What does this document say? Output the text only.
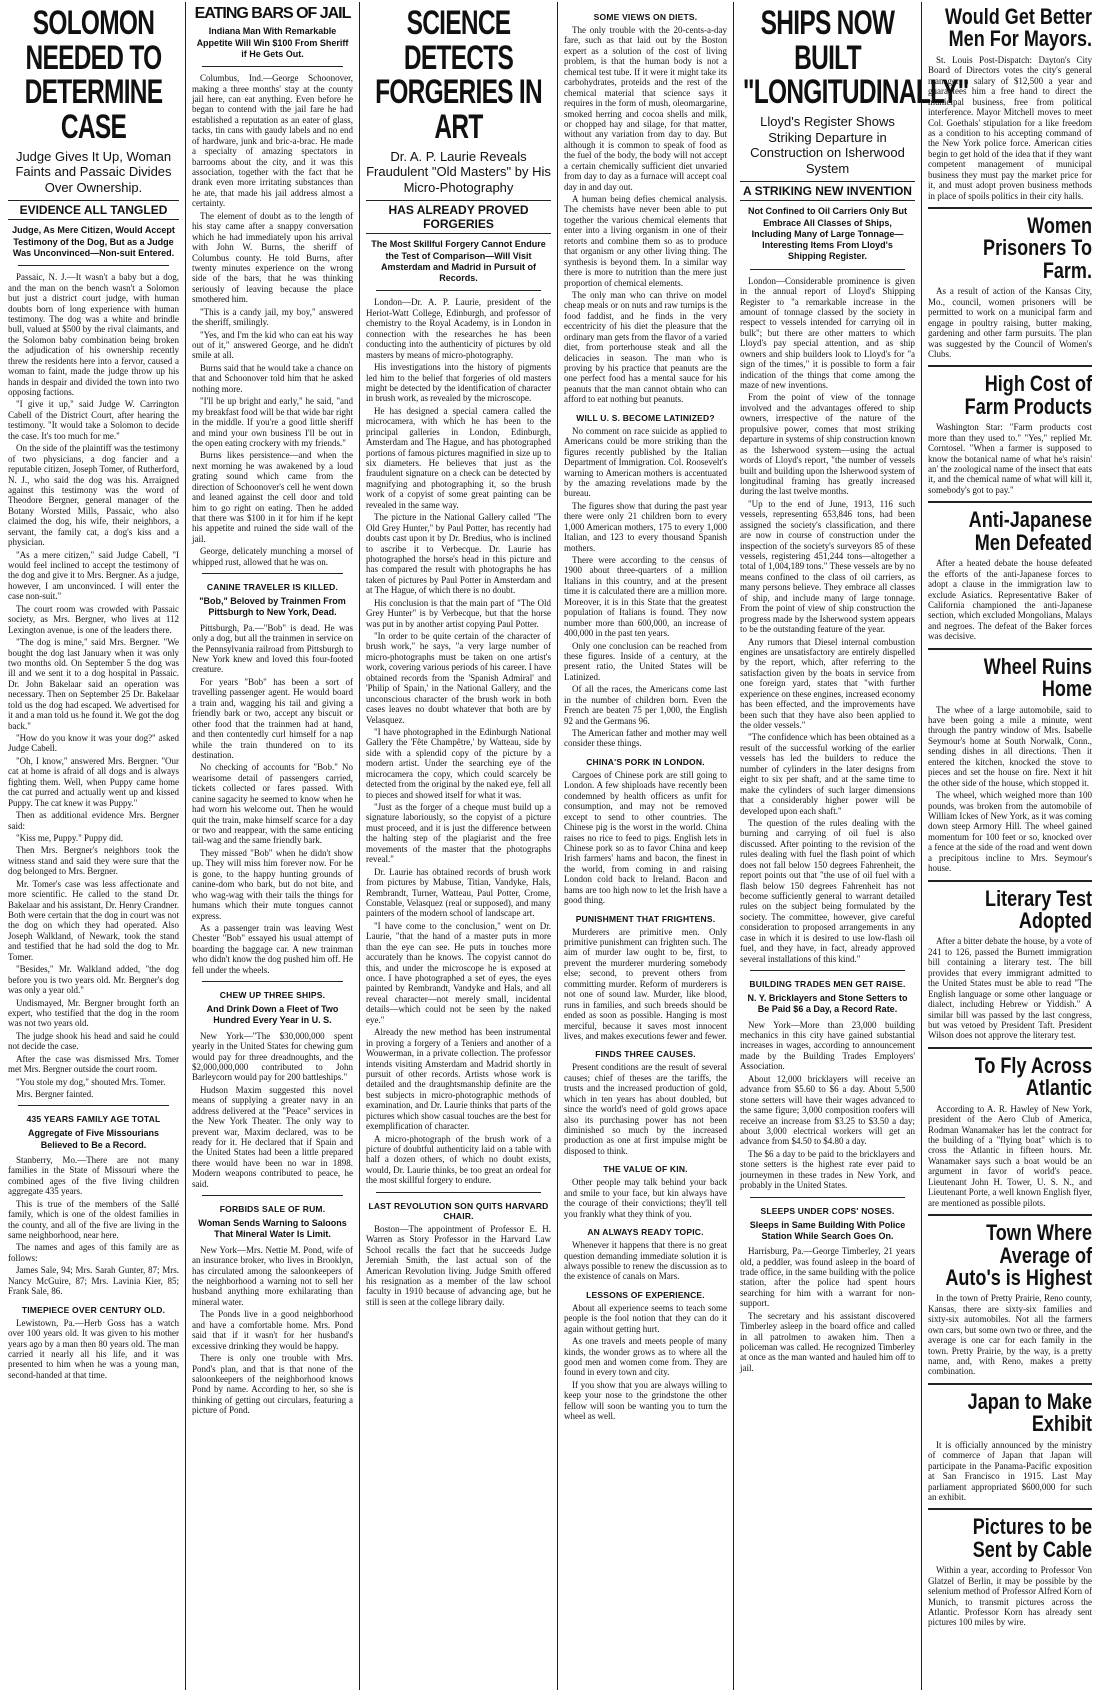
SOLOMON NEEDED TO DETERMINE CASE
Judge Gives It Up, Woman Faints and Passaic Divides Over Ownership.
EVIDENCE ALL TANGLED
Judge, As Mere Citizen, Would Accept Testimony of the Dog, But as a Judge Was Unconvinced—Non-suit Entered.

Passaic, N. J.—It wasn't a baby but a dog, and the man on the bench wasn't a Solomon but just a district court judge, with human doubts born of long experience with human testimony. The dog was a white and brindle bull, valued at $500 by the rival claimants, and the Solomon baby combination being broken the adjudication of his ownership recently threw the residents here into a fervor, caused a woman to faint, made the judge throw up his hands in despair and divided the town into two opposing factions.

"I give it up," said Judge W. Carrington Cabell of the District Court, after hearing the testimony. "It would take a Solomon to decide the case. It's too much for me."

On the side of the plaintiff was the testimony of two physicians, a dog fancier and a reputable citizen, Joseph Tomer, of Rutherford, N. J., who said the dog was his. Arraigned against this testimony was the word of Theodore Bergner, general manager of the Botany Worsted Mills, Passaic, who also claimed the dog, his wife, their neighbors, a servant, the family cat, a dog's kiss and a physician.

"As a mere citizen," said Judge Cabell, "I would feel inclined to accept the testimony of the dog and give it to Mrs. Bergner. As a judge, however, I am unconvinced. I will enter the case non-suit."

The court room was crowded with Passaic society, as Mrs. Bergner, who lives at 112 Lexington avenue, is one of the leaders there.

"The dog is mine," said Mrs. Bergner. "We bought the dog last January when it was only two months old. On September 5 the dog was ill and we sent it to a dog hospital in Passaic. Dr. John Bakelaar said an operation was necessary. Then on September 25 Dr. Bakelaar told us the dog had escaped. We advertised for it and a man told us he found it. We got the dog back."

"How do you know it was your dog?" asked Judge Cabell.

"Oh, I know," answered Mrs. Bergner. "Our cat at home is afraid of all dogs and is always fighting them. Well, when Puppy came home the cat purred and actually went up and kissed Puppy. The cat knew it was Puppy."

Then as additional evidence Mrs. Bergner said:

"Kiss me, Puppy." Puppy did.

Then Mrs. Bergner's neighbors took the witness stand and said they were sure that the dog belonged to Mrs. Bergner.

Mr. Tomer's case was less affectionate and more scientific. He called to the stand Dr. Bakelaar and his assistant, Dr. Henry Crandner. Both were certain that the dog in court was not the dog on which they had operated. Also Joseph Walkland, of Newark, took the stand and testified that he had sold the dog to Mr. Tomer.

"Besides," Mr. Walkland added, "the dog before you is two years old. Mr. Bergner's dog was only a year old."

Undismayed, Mr. Bergner brought forth an expert, who testified that the dog in the room was not two years old.

The judge shook his head and said he could not decide the case.

After the case was dismissed Mrs. Tomer met Mrs. Bergner outside the court room.

"You stole my dog," shouted Mrs. Tomer.

Mrs. Bergner fainted.

435 YEARS FAMILY AGE TOTAL
Aggregate of Five Missourians Believed to Be a Record.

Stanberry, Mo.—There are not many families in the State of Missouri where the combined ages of the five living children aggregate 435 years.

This is true of the members of the Sallé family, which is one of the oldest families in the county, and all of the five are living in the same neighborhood, near here.

The names and ages of this family are as follows:

James Sale, 94; Mrs. Sarah Gunter, 87; Mrs. Nancy McGuire, 87; Mrs. Lavinia Kier, 85; Frank Sale, 86.

TIMEPIECE OVER CENTURY OLD.

Lewistown, Pa.—Herb Goss has a watch over 100 years old. It was given to his mother years ago by a man then 80 years old. The man carried it nearly all his life, and it was presented to him when he was a young man, second-handed at that time.

EATING BARS OF JAIL
Indiana Man With Remarkable Appetite Will Win $100 From Sheriff if He Gets Out.

Columbus, Ind.—George Schoonover, making a three months' stay at the county jail here, can eat anything. Even before he began to contend with the jail fare he had established a reputation as an eater of glass, tacks, tin cans with gaudy labels and no end of hardware, junk and bric-a-brac. He made a specialty of amazing spectators in barrooms about the city, and it was this association, together with the fact that he drank even more irritating substances than he ate, that made his jail address almost a certainty.

The element of doubt as to the length of his stay came after a snappy conversation which he had immediately upon his arrival with John W. Burns, the sheriff of Columbus county. He told Burns, after twenty minutes experience on the wrong side of the bars, that he was thinking seriously of leaving because the place smothered him.

"This is a candy jail, my boy," answered the sheriff, smilingly.

"Yes, and I'm the kid who can eat his way out of it," answered George, and he didn't smile at all.

Burns said that he would take a chance on that and Schoonover told him that he asked nothing more.

"I'll be up bright and early," he said, "and my breakfast food will be that wide bar right in the middle. If you're a good little sheriff and mind your own business I'll be out in the open eating crockery with my friends."

Burns likes persistence—and when the next morning he was awakened by a loud grating sound which came from the direction of Schoonover's cell he went down and leaned against the cell door and told him to go right on eating. Then he added that there was $100 in it for him if he kept his appetite and ruined the side wall of the jail.

George, delicately munching a morsel of whipped rust, allowed that he was on.

CANINE TRAVELER IS KILLED.
"Bob," Beloved by Trainmen From Pittsburgh to New York, Dead.

Pittsburgh, Pa.—"Bob" is dead. He was only a dog, but all the trainmen in service on the Pennsylvania railroad from Pittsburgh to New York knew and loved this four-footed creature.

For years "Bob" has been a sort of travelling passenger agent. He would board a train and, wagging his tail and giving a friendly bark or two, accept any biscuit or other food that the trainmen had at hand, and then contentedly curl himself for a nap while the train thundered on to its destination.

No checking of accounts for "Bob." No wearisome detail of passengers carried, tickets collected or fares passed. With canine sagacity he seemed to know when he had worn his welcome out. Then he would quit the train, make himself scarce for a day or two and reappear, with the same enticing tail-wag and the same friendly bark.

They missed "Bob" when he didn't show up. They will miss him forever now. For he is gone, to the happy hunting grounds of canine-dom who bark, but do not bite, and who wag-wag with their tails the things for humans which their mute tongues cannot express.

As a passenger train was leaving West Chester "Bob" essayed his usual attempt of boarding the baggage car. A new trainman who didn't know the dog pushed him off. He fell under the wheels.

CHEW UP THREE SHIPS.
And Drink Down a Fleet of Two Hundred Every Year in U. S.

New York—"The $30,000,000 spent yearly in the United States for chewing gum would pay for three dreadnoughts, and the $2,000,000,000 contributed to John Barleycorn would pay for 200 battleships."

Hudson Maxim suggested this novel means of supplying a greater navy in an address delivered at the "Peace" services in the New York Theater. The only way to prevent war, Maxim declared, was to be ready for it. He declared that if Spain and the United States had been a little prepared there would have been no war in 1898. Modern weapons contributed to peace, he said.

FORBIDS SALE OF RUM.
Woman Sends Warning to Saloons That Mineral Water Is Limit.

New York—Mrs. Nettie M. Pond, wife of an insurance broker, who lives in Brooklyn, has circulated among the saloonkeepers of the neighborhood a warning not to sell her husband anything more exhilarating than mineral water.

The Ponds live in a good neighborhood and have a comfortable home. Mrs. Pond said that if it wasn't for her husband's excessive drinking they would be happy.

There is only one trouble with Mrs. Pond's plan, and that is that none of the saloonkeepers of the neighborhood knows Pond by name. According to her, so she is thinking of getting out circulars, featuring a picture of Pond.

SCIENCE DETECTS FORGERIES IN ART
Dr. A. P. Laurie Reveals Fraudulent "Old Masters" by His Micro-Photography
HAS ALREADY PROVED FORGERIES
The Most Skillful Forgery Cannot Endure the Test of Comparison—Will Visit Amsterdam and Madrid in Pursuit of Records.

London—Dr. A. P. Laurie, president of the Heriot-Watt College, Edinburgh, and professor of chemistry to the Royal Academy, is in London in connection with the researches he has been conducting into the authenticity of pictures by old masters by means of micro-photography.

His investigations into the history of pigments led him to the belief that forgeries of old masters might be detected by the identification of character in brush work, as revealed by the microscope.

He has designed a special camera called the microcamera, with which he has been to the principal galleries in London, Edinburgh, Amsterdam and The Hague, and has photographed portions of famous pictures magnified in size up to six diameters. He believes that just as the fraudulent signature on a check can be detected by magnifying and photographing it, so the brush work of a copyist of some great painting can be revealed in the same way.

The picture in the National Gallery called "The Old Grey Hunter," by Paul Potter, has recently had doubts cast upon it by Dr. Bredius, who is inclined to ascribe it to Verbecque. Dr. Laurie has photographed the horse's head in this picture and has compared the result with photographs he has taken of pictures by Paul Potter in Amsterdam and at The Hague, of which there is no doubt.

His conclusion is that the main part of "The Old Grey Hunter" is by Verbecque, but that the horse was put in by another artist copying Paul Potter.

"In order to be quite certain of the character of brush work," he says, "a very large number of micro-photographs must be taken on one artist's work, covering various periods of his career. I have obtained records from the 'Spanish Admiral' and 'Philip of Spain,' in the National Gallery, and the unconscious character of the brush work in both cases leaves no doubt whatever that both are by Velasquez.

"I have photographed in the Edinburgh National Gallery the 'Fête Champêtre,' by Watteau, side by side with a splendid copy of the picture by a modern artist. Under the searching eye of the microcamera the copy, which could scarcely be detected from the original by the naked eye, fell all to pieces and showed itself for what it was.

"Just as the forger of a cheque must build up a signature laboriously, so the copyist of a picture must proceed, and it is just the difference between the halting step of the plagiarist and the free movements of the master that the photographs reveal."

Dr. Laurie has obtained records of brush work from pictures by Mabuse, Titian, Vandyke, Hals, Rembrandt, Turner, Watteau, Paul Potter, Crome, Constable, Velasquez (real or supposed), and many painters of the modern school of landscape art.

"I have come to the conclusion," went on Dr. Laurie, "that the hand of a master puts in more than the eye can see. He puts in touches more accurately than he knows. The copyist cannot do this, and under the microscope he is exposed at once. I have photographed a set of eyes, the eyes painted by Rembrandt, Vandyke and Hals, and all reveal character—not merely small, incidental details—which could not be seen by the naked eye."

Already the new method has been instrumental in proving a forgery of a Teniers and another of a Wouwerman, in a private collection. The professor intends visiting Amsterdam and Madrid shortly in pursuit of other records. Artists whose work is detailed and the draughtsmanship definite are the best subjects in micro-photographic methods of examination, and Dr. Laurie thinks that parts of the pictures which show casual touches are the best for exemplification of character.

A micro-photograph of the brush work of a picture of doubtful authenticity laid on a table with half a dozen others, of which no doubt exists, would, Dr. Laurie thinks, be too great an ordeal for the most skillful forgery to endure.

LAST REVOLUTION SON QUITS HARVARD CHAIR.

Boston—The appointment of Professor E. H. Warren as Story Professor in the Harvard Law School recalls the fact that he succeeds Judge Jeremiah Smith, the last actual son of the American Revolution living. Judge Smith offered his resignation as a member of the law school faculty in 1910 because of advancing age, but he still is seen at the college library daily.

SOME VIEWS ON DIETS.

The only trouble with the 20-cents-a-day fare, such as that laid out by the Boston expert as a solution of the cost of living problem, is that the human body is not a chemical test tube. If it were it might take its carbohydrates, proteids and the rest of the chemical material that science says it requires in the form of mush, oleomargarine, smoked herring and cocoa shells and milk, or chopped hay and silage, for that matter, without any variation from day to day. But although it is common to speak of food as the fuel of the body, the body will not accept a certain chemically sufficient diet unvaried from day to day as a furnace will accept coal day in and day out.

A human being defies chemical analysis. The chemists have never been able to put together the various chemical elements that enter into a living organism in one of their retorts and combine them so as to produce that organism or any other living thing. The synthesis is beyond them. In a similar way there is more to nutrition than the mere just proportion of chemical elements.

The only man who can thrive on model cheap meals or on nuts and raw turnips is the food faddist, and he finds in the very eccentricity of his diet the pleasure that the ordinary man gets from the flavor of a varied diet, from porterhouse steak and all the delicacies in season. The man who is proving by his practice that peanuts are the one perfect food has a mental sauce for his peanuts that the man cannot obtain who can afford to eat nothing but peanuts.

WILL U. S. BECOME LATINIZED?

No comment on race suicide as applied to Americans could be more striking than the figures recently published by the Italian Department of Immigration. Col. Roosevelt's warning to American mothers is accentuated by the amazing revelations made by the bureau.

The figures show that during the past year there were only 21 children born to every 1,000 American mothers, 175 to every 1,000 Italian, and 123 to every thousand Spanish mothers.

There were according to the census of 1900 about three-quarters of a million Italians in this country, and at the present time it is calculated there are a million more. Moreover, it is in this State that the greatest population of Italians is found. They now number more than 600,000, an increase of 400,000 in the past ten years.

Only one conclusion can be reached from these figures. Inside of a century, at the present ratio, the United States will be Latinized.

Of all the races, the Americans come last in the number of children born. Even the French are beaten 75 per 1,000, the English 92 and the Germans 96.

The American father and mother may well consider these things.

CHINA'S PORK IN LONDON.

Cargoes of Chinese pork are still going to London. A few shiploads have recently been condemned by health officers as unfit for consumption, and may not be removed except to send to other countries. The Chinese pig is the worst in the world. China raises no rice to feed to pigs. English lets in Chinese pork so as to favor China and keep Irish farmers' hams and bacon, the finest in the world, from coming in and raising London cold back to Ireland. Bacon and hams are too high now to let the Irish have a good thing.

PUNISHMENT THAT FRIGHTENS.

Murderers are primitive men. Only primitive punishment can frighten such. The aim of murder law ought to be, first, to prevent the murderer murdering somebody else; second, to prevent others from committing murder. Reform of murderers is not one of sound law. Murder, like blood, runs in families, and such breeds should be ended as soon as possible. Hanging is most merciful, because it saves most innocent lives, and makes executions fewer and fewer.

FINDS THREE CAUSES.

Present conditions are the result of several causes; chief of theses are the tariffs, the trusts and the increased production of gold, which in ten years has about doubled, but since the world's need of gold grows apace also its purchasing power has not been diminished so much by the increased production as one at first impulse might be disposed to think.

THE VALUE OF KIN.

Other people may talk behind your back and smile to your face, but kin always have the courage of their convictions; they'll tell you frankly what they think of you.

AN ALWAYS READY TOPIC.

Whenever it happens that there is no great question demanding immediate solution it is always possible to renew the discussion as to the existence of canals on Mars.

LESSONS OF EXPERIENCE.

About all experience seems to teach some people is the fool notion that they can do it again without getting hurt.

As one travels and meets people of many kinds, the wonder grows as to where all the good men and women come from. They are found in every town and city.

If you show that you are always willing to keep your nose to the grindstone the other fellow will soon be wanting you to turn the wheel as well.

SHIPS NOW BUILT "LONGITUDINALLY"
Lloyd's Register Shows Striking Departure in Construction on Isherwood System
A STRIKING NEW INVENTION
Not Confined to Oil Carriers Only But Embrace All Classes of Ships, Including Many of Large Tonnage—Interesting Items From Lloyd's Shipping Register.

London—Considerable prominence is given in the annual report of Lloyd's Shipping Register to "a remarkable increase in the amount of tonnage classed by the society in respect to vessels intended for carrying oil in bulk"; but there are other matters to which Lloyd's pay special attention, and as ship owners and ship builders look to Lloyd's for "a sign of the times," it is possible to form a fair indication of the things that come among the maze of new inventions.

From the point of view of the tonnage involved and the advantages offered to ship owners, irrespective of the nature of the propulsive power, comes that most striking departure in systems of ship construction known as the Isherwood system—using the actual words of Lloyd's report, "the number of vessels built and building upon the Isherwood system of longitudinal framing has greatly increased during the last twelve months.

"Up to the end of June, 1913, 116 such vessels, representing 653,846 tons, had been assigned the society's classification, and there are now in course of construction under the inspection of the society's surveyors 85 of these vessels, registering 451,244 tons—altogether a total of 1,004,189 tons." These vessels are by no means confined to the class of oil carriers, as many persons believe. They embrace all classes of ship, and include many of large tonnage. From the point of view of ship construction the progress made by the Isherwood system appears to be the outstanding feature of the year.

Any rumors that Diesel internal combustion engines are unsatisfactory are entirely dispelled by the report, which, after referring to the satisfaction given by the boats in service from one foreign yard, states that "with further experience on these engines, increased economy has been effected, and the improvements have been such that they have also been applied to the older vessels."

"The confidence which has been obtained as a result of the successful working of the earlier vessels has led the builders to reduce the number of cylinders in the later designs from eight to six per shaft, and at the same time to make the cylinders of such larger dimensions that a considerably higher power will be developed upon each shaft."

The question of the rules dealing with the burning and carrying of oil fuel is also discussed. After pointing to the revision of the rules dealing with fuel the flash point of which does not fall below 150 degrees Fahrenheit, the report points out that "the use of oil fuel with a flash below 150 degrees Fahrenheit has not become sufficiently general to warrant detailed rules on the subject being formulated by the society. The committee, however, give careful consideration to proposed arrangements in any case in which it is desired to use low-flash oil fuel, and they have, in fact, already approved several installations of this kind."

BUILDING TRADES MEN GET RAISE.
N. Y. Bricklayers and Stone Setters to Be Paid $6 a Day, a Record Rate.

New York—More than 23,000 building mechanics in this city have gained substantial increases in wages, according to announcement made by the Building Trades Employers' Association.

About 12,000 bricklayers will receive an advance from $5.60 to $6 a day. About 5,500 stone setters will have their wages advanced to the same figure; 3,000 composition roofers will receive an increase from $3.25 to $3.50 a day; about 3,000 electrical workers will get an advance from $4.50 to $4.80 a day.

The $6 a day to be paid to the bricklayers and stone setters is the highest rate ever paid to journeymen in these trades in New York, and probably in the United States.

SLEEPS UNDER COPS' NOSES.
Sleeps in Same Building With Police Station While Search Goes On.

Harrisburg, Pa.—George Timberley, 21 years old, a peddler, was found asleep in the board of trade office, in the same building with the police station, after the police had spent hours searching for him with a warrant for non-support.

The secretary and his assistant discovered Timberley asleep in the board office and called in all patrolmen to awaken him. Then a policeman was called. He recognized Timberley at once as the man wanted and hauled him off to jail.

Would Get Better Men For Mayors.

St. Louis Post-Dispatch: Dayton's City Board of Directors votes the city's general manager a salary of $12,500 a year and guarantees him a free hand to direct the municipal business, free from political interference. Mayor Mitchell moves to meet Col. Goethals' stipulation for a like freedom as a condition to his accepting command of the New York police force. American cities begin to get hold of the idea that if they want competent management of municipal business they must pay the market price for it, and must adopt proven business methods in place of spoils politics in their city halls.

Women Prisoners To Farm.

As a result of action of the Kansas City, Mo., council, women prisoners will be permitted to work on a municipal farm and engage in poultry raising, butter making, gardening and other farm pursuits. The plan was suggested by the Council of Women's Clubs.

High Cost of Farm Products

Washington Star: "Farm products cost more than they used to." "Yes," replied Mr. Corntosel. "When a farmer is supposed to know the botanical name of what he's raisin' an' the zoological name of the insect that eats it, and the chemical name of what will kill it, somebody's got to pay."

Anti-Japanese Men Defeated

After a heated debate the house defeated the efforts of the anti-Japanese forces to adopt a clause in the immigration law to exclude Asiatics. Representative Baker of California championed the anti-Japanese section, which excluded Mongolians, Malays and negroes. The defeat of the Baker forces was decisive.

Wheel Ruins Home

The whee of a large automobile, said to have been going a mile a minute, went through the pantry window of Mrs. Isabelle Seymour's home at South Norwalk, Conn., sending dishes in all directions. Then it entered the kitchen, knocked the stove to pieces and set the house on fire. Next it hit the other side of the house, which stopped it.

The wheel, which weighed more than 100 pounds, was broken from the automobile of William Ickes of New York, as it was coming down steep Armory Hill. The wheel gained momentum for 100 feet or so, knocked over a fence at the side of the road and went down a precipitous incline to Mrs. Seymour's house.

Literary Test Adopted

After a bitter debate the house, by a vote of 241 to 126, passed the Burnett immigration bill containing a literary test. The bill provides that every immigrant admitted to the United States must be able to read "The English language or some other language or dialect, including Hebrew or Yiddish." A similar bill was passed by the last congress, but was vetoed by President Taft. President Wilson does not approve the literary test.

To Fly Across Atlantic

According to A. R. Hawley of New York, president of the Aero Club of America, Rodman Wanamaker has let the contract for the building of a "flying boat" which is to cross the Atlantic in fifteen hours. Mr. Wanamaker says such a boat would be an argument in favor of world's peace. Lieutenant John H. Tower, U. S. N., and Lieutenant Porte, a well known English flyer, are mentioned as possible pilots.

Town Where Average of Auto's is Highest

In the town of Pretty Prairie, Reno county, Kansas, there are sixty-six families and sixty-six automobiles. Not all the farmers own cars, but some own two or three, and the average is one car for each family in the town. Pretty Prairie, by the way, is a pretty name, and, with Reno, makes a pretty combination.

Japan to Make Exhibit

It is officially announced by the ministry of commerce of Japan that Japan will participate in the Panama-Pacific exposition at San Francisco in 1915. Last May parliament appropriated $600,000 for such an exhibit.

Pictures to be Sent by Cable

Within a year, according to Professor Von Glatzel of Berlin, it may be possible by the selenium method of Professor Alfred Korn of Munich, to transmit pictures across the Atlantic. Professor Korn has already sent pictures 100 miles by wire.
